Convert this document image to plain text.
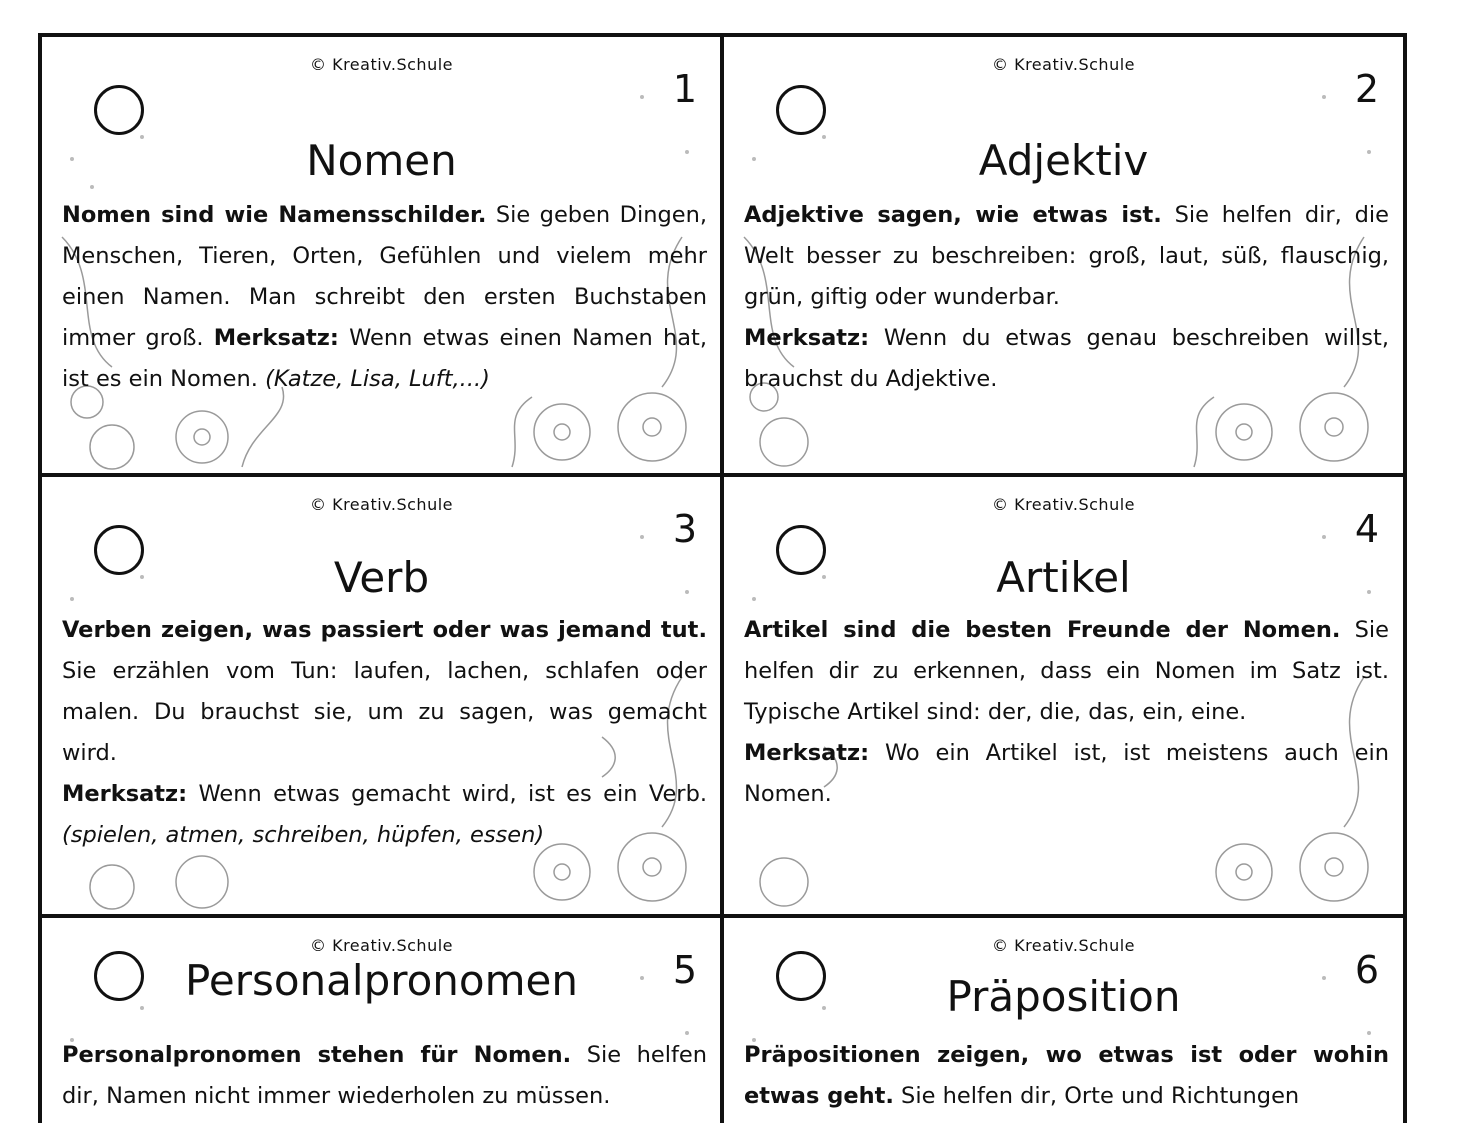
© Kreativ.Schule
1
Nomen
Nomen sind wie Namensschilder. Sie geben Dingen, Menschen, Tieren, Orten, Gefühlen und vielem mehr einen Namen. Man schreibt den ersten Buchstaben immer groß. Merksatz: Wenn etwas einen Namen hat, ist es ein Nomen. (Katze, Lisa, Luft,...)
© Kreativ.Schule
2
Adjektiv
Adjektive sagen, wie etwas ist. Sie helfen dir, die Welt besser zu beschreiben: groß, laut, süß, flauschig, grün, giftig oder wunderbar.
Merksatz: Wenn du etwas genau beschreiben willst, brauchst du Adjektive.
© Kreativ.Schule
3
Verb
Verben zeigen, was passiert oder was jemand tut. Sie erzählen vom Tun: laufen, lachen, schlafen oder malen. Du brauchst sie, um zu sagen, was gemacht wird.
Merksatz: Wenn etwas gemacht wird, ist es ein Verb. (spielen, atmen, schreiben, hüpfen, essen)
© Kreativ.Schule
4
Artikel
Artikel sind die besten Freunde der Nomen. Sie helfen dir zu erkennen, dass ein Nomen im Satz ist. Typische Artikel sind: der, die, das, ein, eine.
Merksatz: Wo ein Artikel ist, ist meistens auch ein Nomen.
© Kreativ.Schule
5
Personalpronomen
Personalpronomen stehen für Nomen. Sie helfen dir, Namen nicht immer wiederholen zu müssen.
© Kreativ.Schule
6
Präposition
Präpositionen zeigen, wo etwas ist oder wohin etwas geht. Sie helfen dir, Orte und Richtungen
